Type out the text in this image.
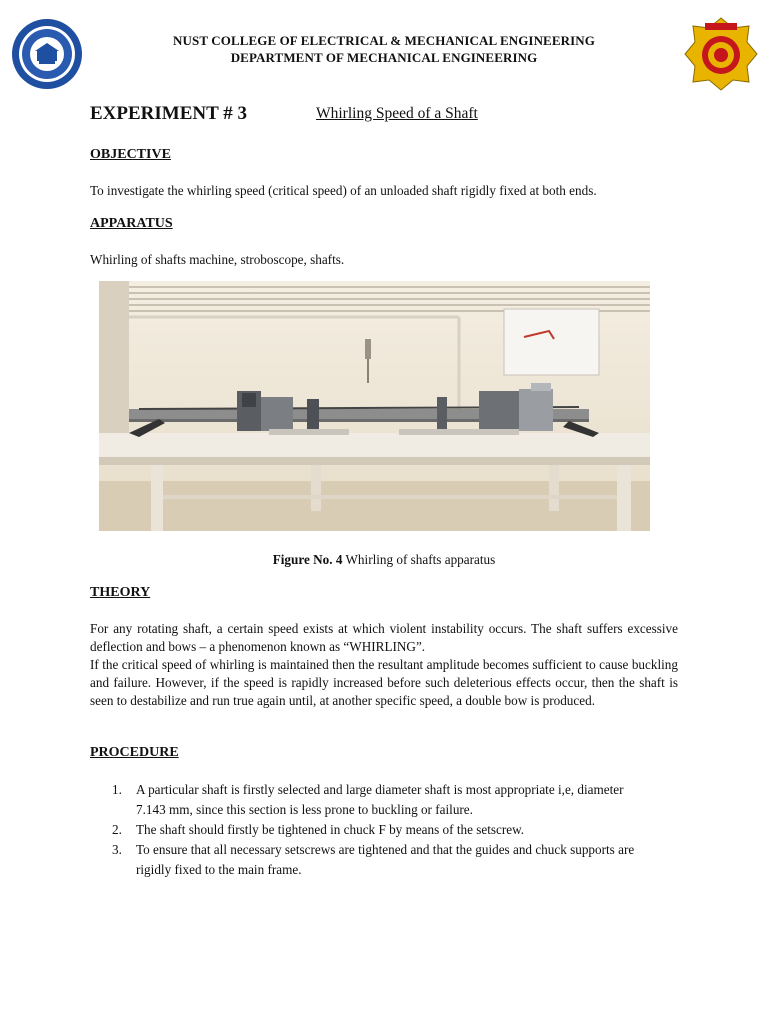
NUST COLLEGE OF ELECTRICAL & MECHANICAL ENGINEERING
DEPARTMENT OF MECHANICAL ENGINEERING
EXPERIMENT # 3	Whirling Speed of a Shaft
OBJECTIVE
To investigate the whirling speed (critical speed) of an unloaded shaft rigidly fixed at both ends.
APPARATUS
Whirling of shafts machine, stroboscope, shafts.
Figure No. 4 Whirling of shafts apparatus
THEORY
For any rotating shaft, a certain speed exists at which violent instability occurs. The shaft suffers excessive deflection and bows – a phenomenon known as “WHIRLING”.
If the critical speed of whirling is maintained then the resultant amplitude becomes sufficient to cause buckling and failure. However, if the speed is rapidly increased before such deleterious effects occur, then the shaft is seen to destabilize and run true again until, at another specific speed, a double bow is produced.
PROCEDURE
1. A particular shaft is firstly selected and large diameter shaft is most appropriate i,e, diameter 7.143 mm, since this section is less prone to buckling or failure.
2. The shaft should firstly be tightened in chuck F by means of the setscrew.
3. To ensure that all necessary setscrews are tightened and that the guides and chuck supports are rigidly fixed to the main frame.
